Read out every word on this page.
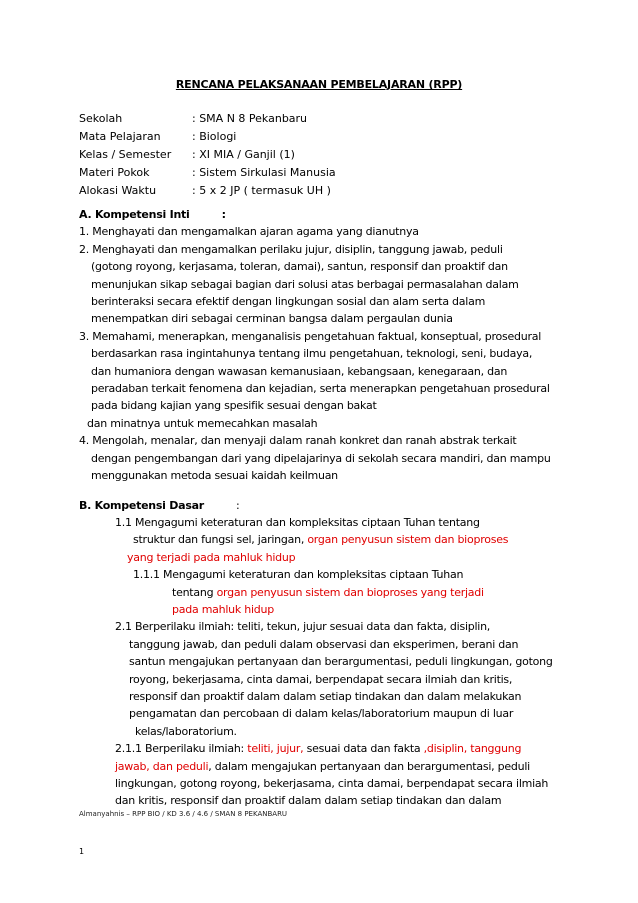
RENCANA PELAKSANAAN PEMBELAJARAN (RPP)
Sekolah	: SMA N 8 Pekanbaru
Mata Pelajaran	: Biologi
Kelas / Semester	: XI MIA / Ganjil (1)
Materi Pokok	: Sistem Sirkulasi Manusia
Alokasi Waktu	: 5 x 2 JP ( termasuk UH )

A. Kompetensi Inti	:

1. Menghayati dan mengamalkan ajaran agama yang dianutnya

2. Menghayati dan mengamalkan perilaku jujur, disiplin, tanggung jawab, peduli

(gotong royong, kerjasama, toleran, damai), santun, responsif dan proaktif dan

menunjukan sikap sebagai bagian dari solusi atas berbagai permasalahan dalam

berinteraksi secara efektif dengan lingkungan sosial dan alam serta dalam

menempatkan diri sebagai cerminan bangsa dalam pergaulan dunia

3. Memahami, menerapkan, menganalisis pengetahuan faktual, konseptual, prosedural

berdasarkan rasa ingintahunya tentang ilmu pengetahuan, teknologi, seni, budaya,

dan humaniora dengan wawasan kemanusiaan, kebangsaan, kenegaraan, dan

peradaban terkait fenomena dan kejadian, serta menerapkan pengetahuan prosedural

pada bidang kajian yang spesifik sesuai dengan bakat

dan minatnya untuk memecahkan masalah

4. Mengolah, menalar, dan menyaji dalam ranah konkret dan ranah abstrak terkait

dengan pengembangan dari yang dipelajarinya di sekolah secara mandiri, dan mampu

menggunakan metoda sesuai kaidah keilmuan

B. Kompetensi Dasar	:

1.1 Mengagumi keteraturan dan kompleksitas ciptaan Tuhan tentang

struktur dan fungsi sel, jaringan, organ penyusun sistem dan bioproses

yang terjadi pada mahluk hidup

1.1.1 Mengagumi keteraturan dan kompleksitas ciptaan Tuhan

tentang organ penyusun sistem dan bioproses yang terjadi

pada mahluk hidup

2.1 Berperilaku ilmiah: teliti, tekun, jujur sesuai data dan fakta, disiplin,

tanggung jawab, dan peduli dalam observasi dan eksperimen, berani dan

santun mengajukan pertanyaan dan berargumentasi, peduli lingkungan, gotong

royong, bekerjasama, cinta damai, berpendapat secara ilmiah dan kritis,

responsif dan proaktif dalam dalam setiap tindakan dan dalam melakukan

pengamatan dan percobaan di dalam kelas/laboratorium maupun di luar

kelas/laboratorium.

2.1.1 Berperilaku ilmiah: teliti, jujur, sesuai data dan fakta ,disiplin, tanggung

jawab, dan peduli, dalam mengajukan pertanyaan dan berargumentasi, peduli

lingkungan, gotong royong, bekerjasama, cinta damai, berpendapat secara ilmiah

dan kritis, responsif dan proaktif dalam dalam setiap tindakan dan dalam

Almanyahnis – RPP BIO / KD 3.6 / 4.6 / SMAN 8 PEKANBARU
1
